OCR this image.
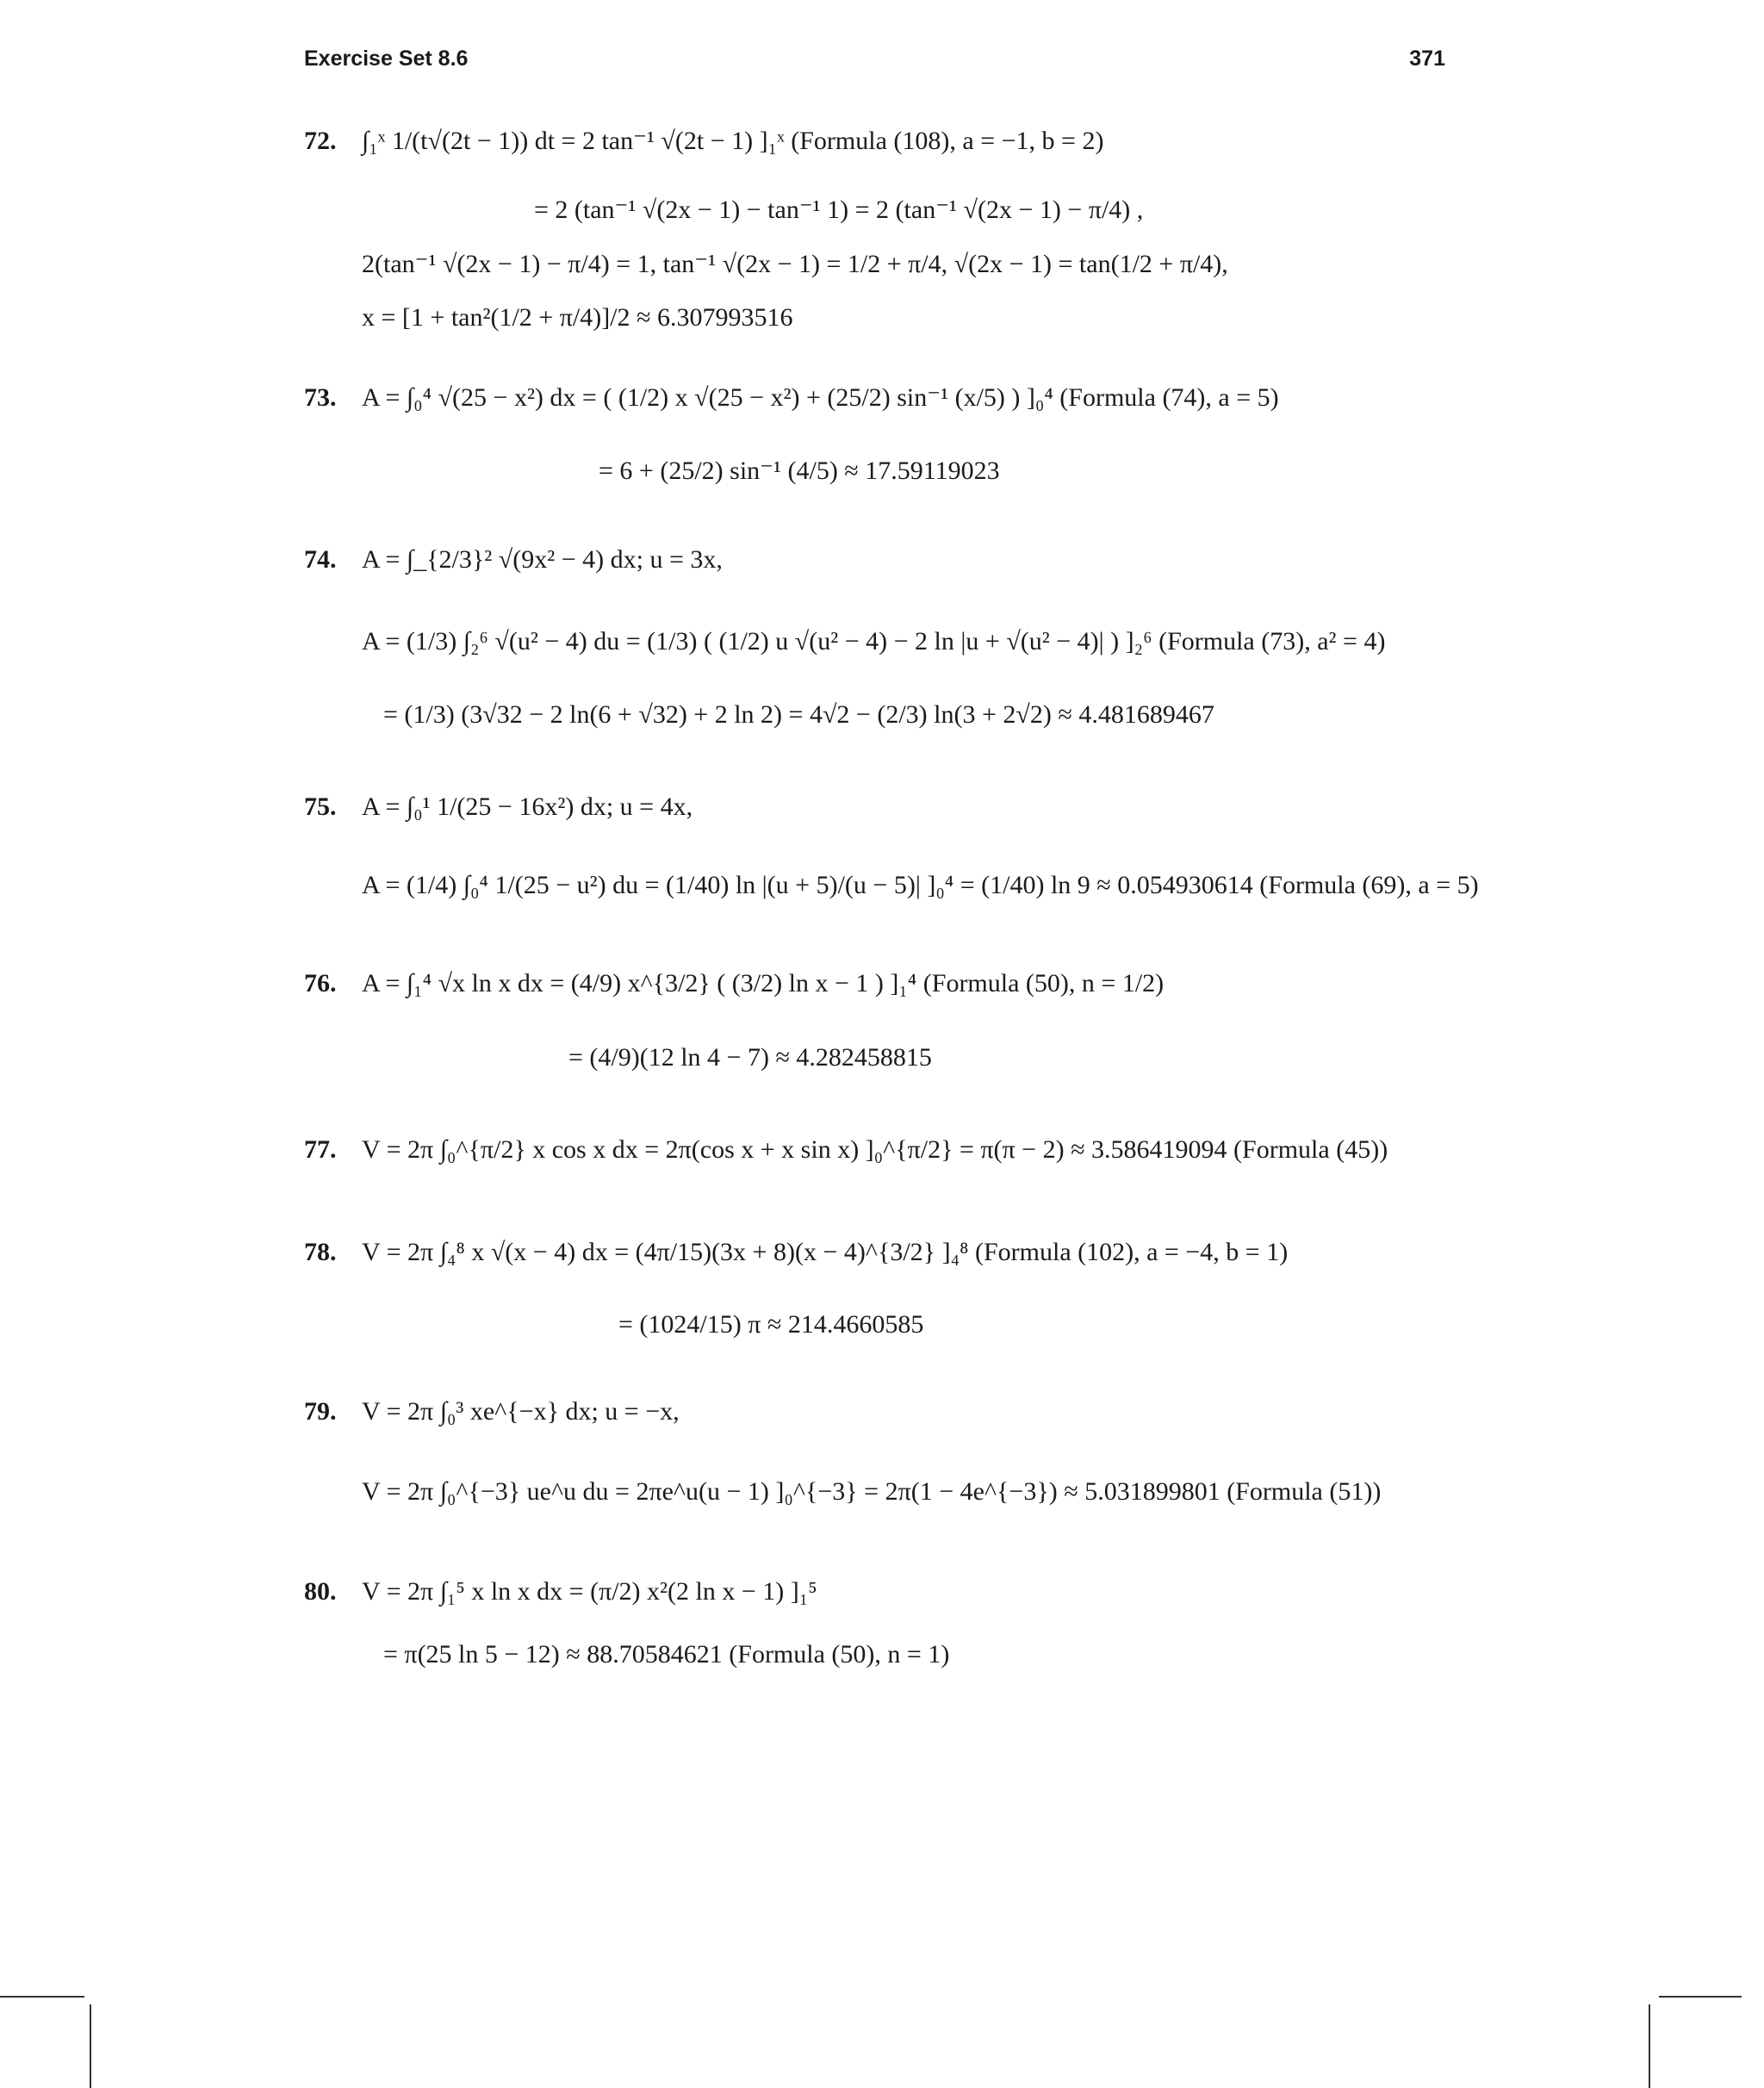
Exercise Set 8.6	371
72. ∫₁ˣ 1/(t√(2t − 1)) dt = 2 tan⁻¹ √(2t − 1) ]₁ˣ (Formula (108), a = −1, b = 2)
= 2 (tan⁻¹ √(2x − 1) − tan⁻¹ 1) = 2 (tan⁻¹ √(2x − 1) − π/4) ,
2(tan⁻¹ √(2x − 1) − π/4) = 1, tan⁻¹ √(2x − 1) = 1/2 + π/4, √(2x − 1) = tan(1/2 + π/4),
x = [1 + tan²(1/2 + π/4)]/2 ≈ 6.307993516
73. A = ∫₀⁴ √(25 − x²) dx = ( (1/2) x √(25 − x²) + (25/2) sin⁻¹ (x/5) ) ]₀⁴ (Formula (74), a = 5)
= 6 + (25/2) sin⁻¹ (4/5) ≈ 17.59119023
74. A = ∫_{2/3}² √(9x² − 4) dx; u = 3x,
A = (1/3) ∫₂⁶ √(u² − 4) du = (1/3) ( (1/2) u √(u² − 4) − 2 ln |u + √(u² − 4)| ) ]₂⁶ (Formula (73), a² = 4)
= (1/3) (3√32 − 2 ln(6 + √32) + 2 ln 2) = 4√2 − (2/3) ln(3 + 2√2) ≈ 4.481689467
75. A = ∫₀¹ 1/(25 − 16x²) dx; u = 4x,
A = (1/4) ∫₀⁴ 1/(25 − u²) du = (1/40) ln |(u + 5)/(u − 5)| ]₀⁴ = (1/40) ln 9 ≈ 0.054930614 (Formula (69), a = 5)
76. A = ∫₁⁴ √x ln x dx = (4/9) x^{3/2} ( (3/2) ln x − 1 ) ]₁⁴ (Formula (50), n = 1/2)
= (4/9)(12 ln 4 − 7) ≈ 4.282458815
77. V = 2π ∫₀^{π/2} x cos x dx = 2π(cos x + x sin x) ]₀^{π/2} = π(π − 2) ≈ 3.586419094 (Formula (45))
78. V = 2π ∫₄⁸ x √(x − 4) dx = (4π/15)(3x + 8)(x − 4)^{3/2} ]₄⁸ (Formula (102), a = −4, b = 1)
= (1024/15) π ≈ 214.4660585
79. V = 2π ∫₀³ xe^{−x} dx; u = −x,
V = 2π ∫₀^{−3} ue^u du = 2πe^u(u − 1) ]₀^{−3} = 2π(1 − 4e^{−3}) ≈ 5.031899801 (Formula (51))
80. V = 2π ∫₁⁵ x ln x dx = (π/2) x²(2 ln x − 1) ]₁⁵
= π(25 ln 5 − 12) ≈ 88.70584621 (Formula (50), n = 1)
